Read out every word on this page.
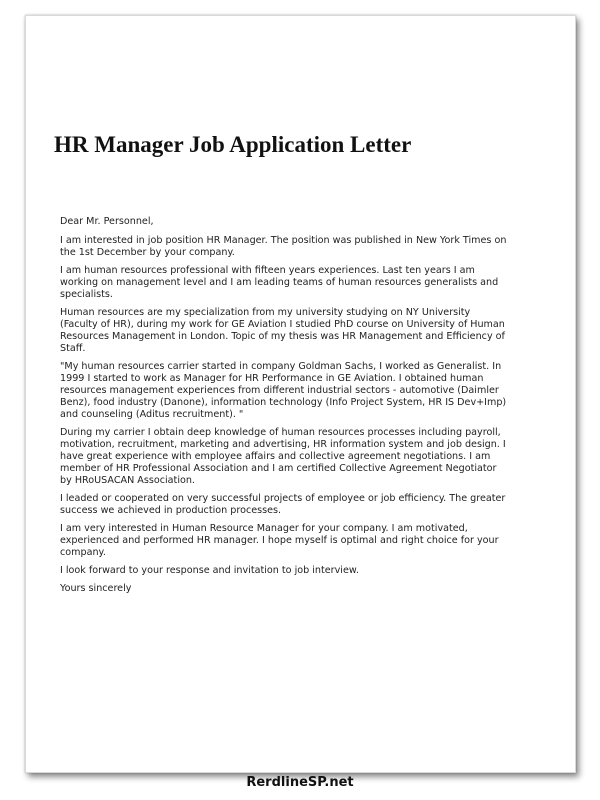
HR Manager Job Application Letter

Dear Mr. Personnel,

I am interested in job position HR Manager. The position was published in New York Times on the 1st December by your company.

I am human resources professional with fifteen years experiences. Last ten years I am working on management level and I am leading teams of human resources generalists and specialists.

Human resources are my specialization from my university studying on NY University (Faculty of HR), during my work for GE Aviation I studied PhD course on University of Human Resources Management in London. Topic of my thesis was HR Management and Efficiency of Staff.

"My human resources carrier started in company Goldman Sachs, I worked as Generalist. In 1999 I started to work as Manager for HR Performance in GE Aviation. I obtained human resources management experiences from different industrial sectors - automotive (Daimler Benz), food industry (Danone), information technology (Info Project System, HR IS Dev+Imp) and counseling (Aditus recruitment). "

During my carrier I obtain deep knowledge of human resources processes including payroll, motivation, recruitment, marketing and advertising, HR information system and job design. I have great experience with employee affairs and collective agreement negotiations. I am member of HR Professional Association and I am certified Collective Agreement Negotiator by HRoUSACAN Association.

I leaded or cooperated on very successful projects of employee or job efficiency. The greater success we achieved in production processes.

I am very interested in Human Resource Manager for your company. I am motivated, experienced and performed HR manager. I hope myself is optimal and right choice for your company.

I look forward to your response and invitation to job interview.

Yours sincerely

RerdlineSP.net
